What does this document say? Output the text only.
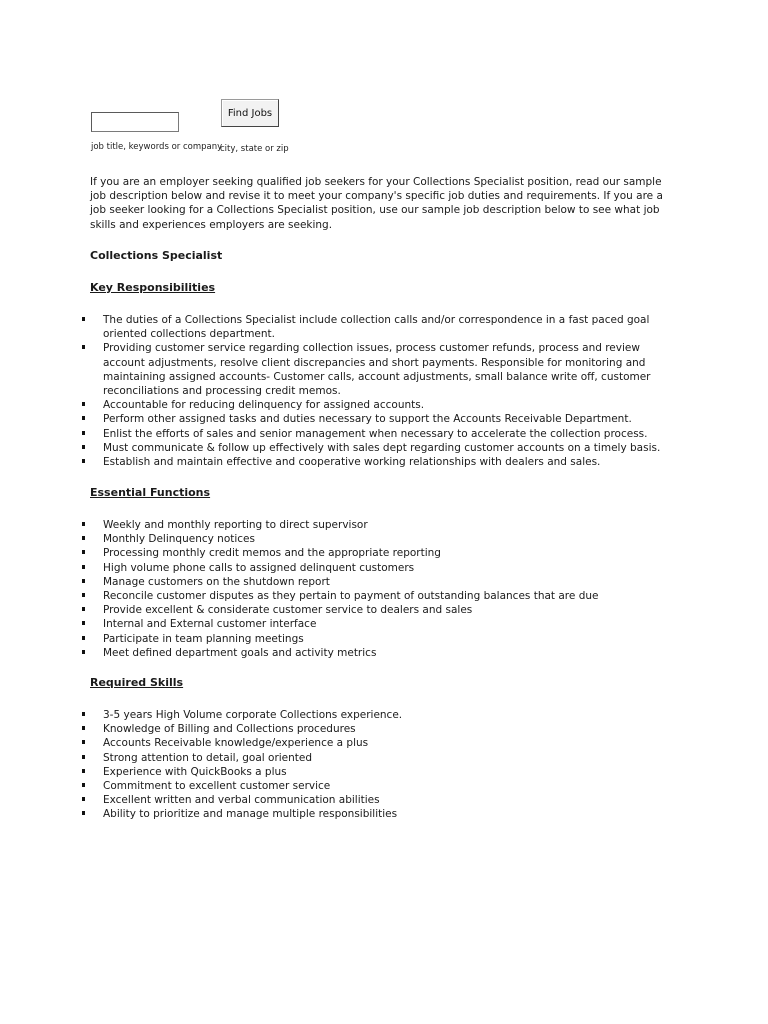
Find Jobs
job title, keywords or company
city, state or zip

If you are an employer seeking qualified job seekers for your Collections Specialist position, read our sample job description below and revise it to meet your company's specific job duties and requirements. If you are a job seeker looking for a Collections Specialist position, use our sample job description below to see what job skills and experiences employers are seeking.

Collections Specialist
Key Responsibilities
The duties of a Collections Specialist include collection calls and/or correspondence in a fast paced goal oriented collections department.
Providing customer service regarding collection issues, process customer refunds, process and review account adjustments, resolve client discrepancies and short payments. Responsible for monitoring and maintaining assigned accounts- Customer calls, account adjustments, small balance write off, customer reconciliations and processing credit memos.
Accountable for reducing delinquency for assigned accounts.
Perform other assigned tasks and duties necessary to support the Accounts Receivable Department.
Enlist the efforts of sales and senior management when necessary to accelerate the collection process.
Must communicate & follow up effectively with sales dept regarding customer accounts on a timely basis.
Establish and maintain effective and cooperative working relationships with dealers and sales.
Essential Functions
Weekly and monthly reporting to direct supervisor
Monthly Delinquency notices
Processing monthly credit memos and the appropriate reporting
High volume phone calls to assigned delinquent customers
Manage customers on the shutdown report
Reconcile customer disputes as they pertain to payment of outstanding balances that are due
Provide excellent & considerate customer service to dealers and sales
Internal and External customer interface
Participate in team planning meetings
Meet defined department goals and activity metrics
Required Skills
3-5 years High Volume corporate Collections experience.
Knowledge of Billing and Collections procedures
Accounts Receivable knowledge/experience a plus
Strong attention to detail, goal oriented
Experience with QuickBooks a plus
Commitment to excellent customer service
Excellent written and verbal communication abilities
Ability to prioritize and manage multiple responsibilities
